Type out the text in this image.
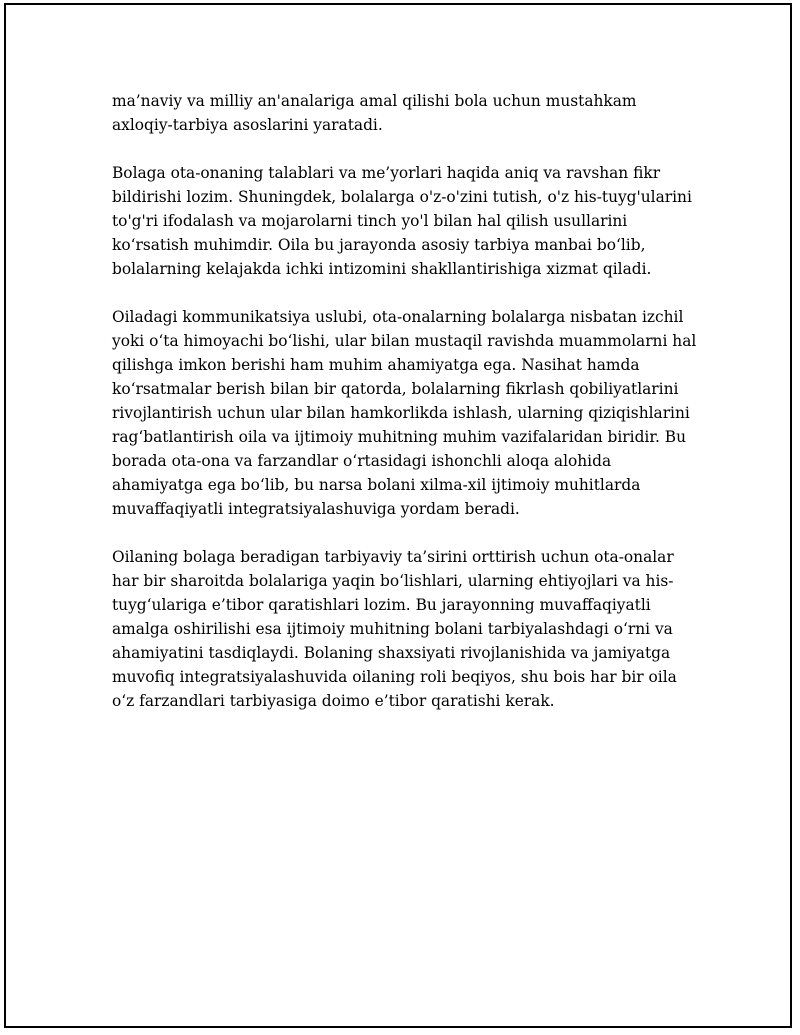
ma’naviy va milliy an'analariga amal qilishi bola uchun mustahkam axloqiy-tarbiya asoslarini yaratadi.

Bolaga ota-onaning talablari va me’yorlari haqida aniq va ravshan fikr bildirishi lozim. Shuningdek, bolalarga o'z-o'zini tutish, o'z his-tuyg'ularini to'g'ri ifodalash va mojarolarni tinch yo'l bilan hal qilish usullarini ko‘rsatish muhimdir. Oila bu jarayonda asosiy tarbiya manbai bo‘lib, bolalarning kelajakda ichki intizomini shakllantirishiga xizmat qiladi.

Oiladagi kommunikatsiya uslubi, ota-onalarning bolalarga nisbatan izchil yoki o‘ta himoyachi bo‘lishi, ular bilan mustaqil ravishda muammolarni hal qilishga imkon berishi ham muhim ahamiyatga ega. Nasihat hamda ko‘rsatmalar berish bilan bir qatorda, bolalarning fikrlash qobiliyatlarini rivojlantirish uchun ular bilan hamkorlikda ishlash, ularning qiziqishlarini rag‘batlantirish oila va ijtimoiy muhitning muhim vazifalaridan biridir. Bu borada ota-ona va farzandlar o‘rtasidagi ishonchli aloqa alohida ahamiyatga ega bo‘lib, bu narsa bolani xilma-xil ijtimoiy muhitlarda muvaffaqiyatli integratsiyalashuviga yordam beradi.

Oilaning bolaga beradigan tarbiyaviy ta’sirini orttirish uchun ota-onalar har bir sharoitda bolalariga yaqin bo‘lishlari, ularning ehtiyojlari va his-tuyg‘ulariga e’tibor qaratishlari lozim. Bu jarayonning muvaffaqiyatli amalga oshirilishi esa ijtimoiy muhitning bolani tarbiyalashdagi o‘rni va ahamiyatini tasdiqlaydi. Bolaning shaxsiyati rivojlanishida va jamiyatga muvofiq integratsiyalashuvida oilaning roli beqiyos, shu bois har bir oila o‘z farzandlari tarbiyasiga doimo e’tibor qaratishi kerak.
